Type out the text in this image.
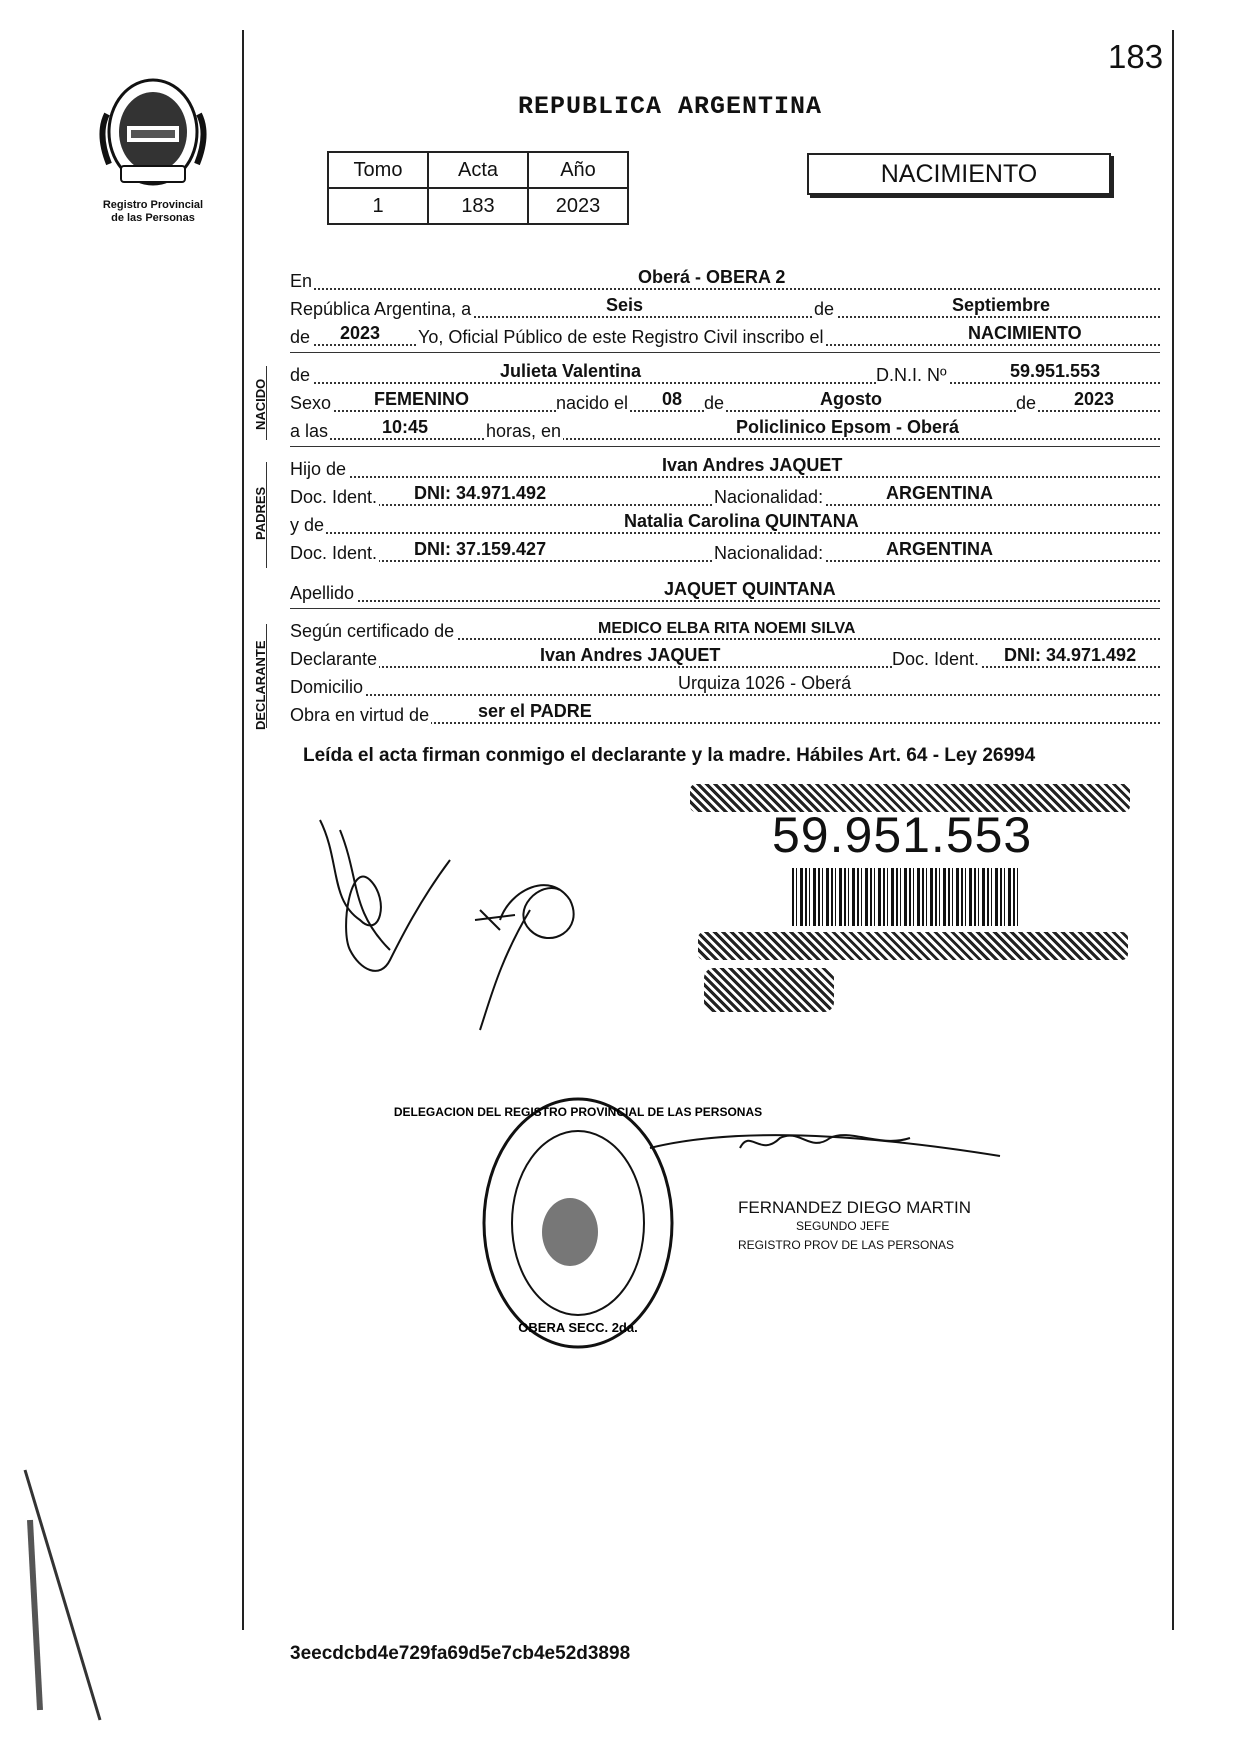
183
Registro Provincial
de las Personas
REPUBLICA ARGENTINA
Tomo	Acta	Año
1	183	2023
NACIMIENTO
En	Oberá - OBERA 2
República Argentina, a	Seis	de	Septiembre
de 2023 Yo, Oficial Público de este Registro Civil inscribo el	NACIMIENTO
de	Julieta Valentina	D.N.I. Nº	59.951.553
Sexo FEMENINO	nacido el 08 de	Agosto	de 2023
a las	10:45	horas, en	Policlinico Epsom - Oberá
Hijo de	Ivan Andres JAQUET
Doc. Ident. DNI: 34.971.492	Nacionalidad:	ARGENTINA
y de	Natalia Carolina QUINTANA
Doc. Ident. DNI: 37.159.427	Nacionalidad:	ARGENTINA
Apellido	JAQUET QUINTANA
Según certificado de	MEDICO ELBA RITA NOEMI SILVA
Declarante	Ivan Andres JAQUET	Doc. Ident. DNI: 34.971.492
Domicilio	Urquiza 1026 - Oberá
Obra en virtud de	ser el PADRE
NACIDO
PADRES
DECLARANTE
Leída el acta firman conmigo el declarante y la madre. Hábiles Art. 64 - Ley 26994
59.951.553
DELEGACION DEL REGISTRO PROVINCIAL DE LAS PERSONAS
OBERA SECC. 2da.
FERNANDEZ DIEGO MARTIN
SEGUNDO JEFE
REGISTRO PROV DE LAS PERSONAS
3eecdcbd4e729fa69d5e7cb4e52d3898
